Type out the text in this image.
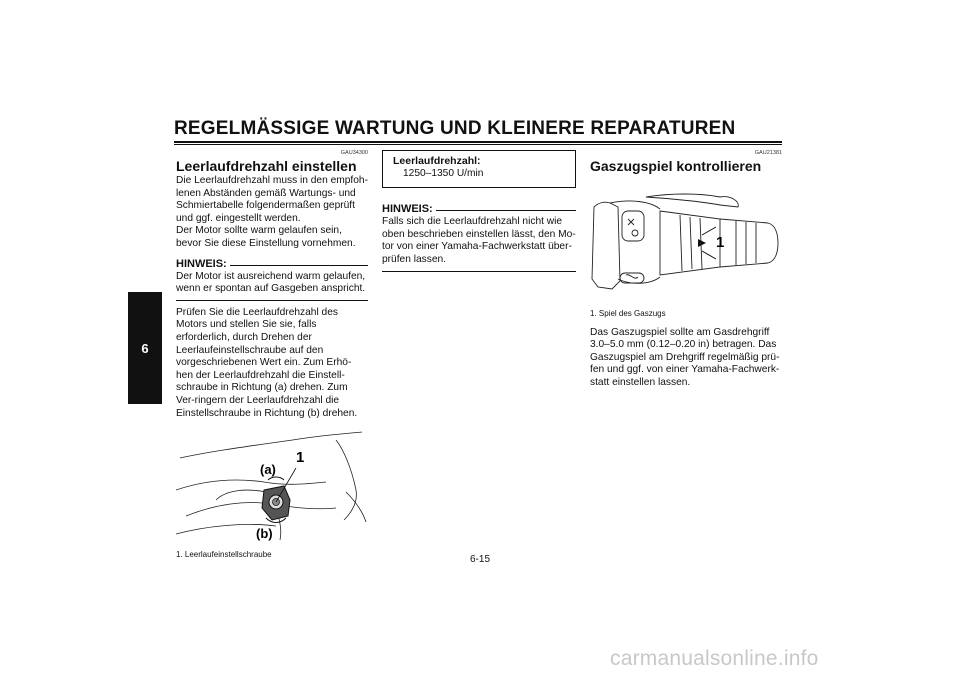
REGELMÄSSIGE WARTUNG UND KLEINERE REPARATUREN
6
GAU34300
Leerlaufdrehzahl einstellen

Die Leerlaufdrehzahl muss in den empfoh-lenen Abständen gemäß Wartungs- und Schmiertabelle folgendermaßen geprüft und ggf. eingestellt werden.

Der Motor sollte warm gelaufen sein, bevor Sie diese Einstellung vornehmen.

HINWEIS:

Der Motor ist ausreichend warm gelaufen, wenn er spontan auf Gasgeben anspricht.

Prüfen Sie die Leerlaufdrehzahl des Motors und stellen Sie sie, falls erforderlich, durch Drehen der Leerlaufeinstellschraube auf den vorgeschriebenen Wert ein. Zum Erhö-hen der Leerlaufdrehzahl die Einstell-schraube in Richtung (a) drehen. Zum Ver-ringern der Leerlaufdrehzahl die Einstellschraube in Richtung (b) drehen.

1
(a)
(b)
1. Leerlaufeinstellschraube
Leerlaufdrehzahl:
1250–1350 U/min
HINWEIS:

Falls sich die Leerlaufdrehzahl nicht wie oben beschrieben einstellen lässt, den Mo-tor von einer Yamaha-Fachwerkstatt über-prüfen lassen.

GAU21381
Gaszugspiel kontrollieren
1
1. Spiel des Gaszugs

Das Gaszugspiel sollte am Gasdrehgriff 3.0–5.0 mm (0.12–0.20 in) betragen. Das Gaszugspiel am Drehgriff regelmäßig prü-fen und ggf. von einer Yamaha-Fachwerk-statt einstellen lassen.

6-15
carmanualsonline.info
